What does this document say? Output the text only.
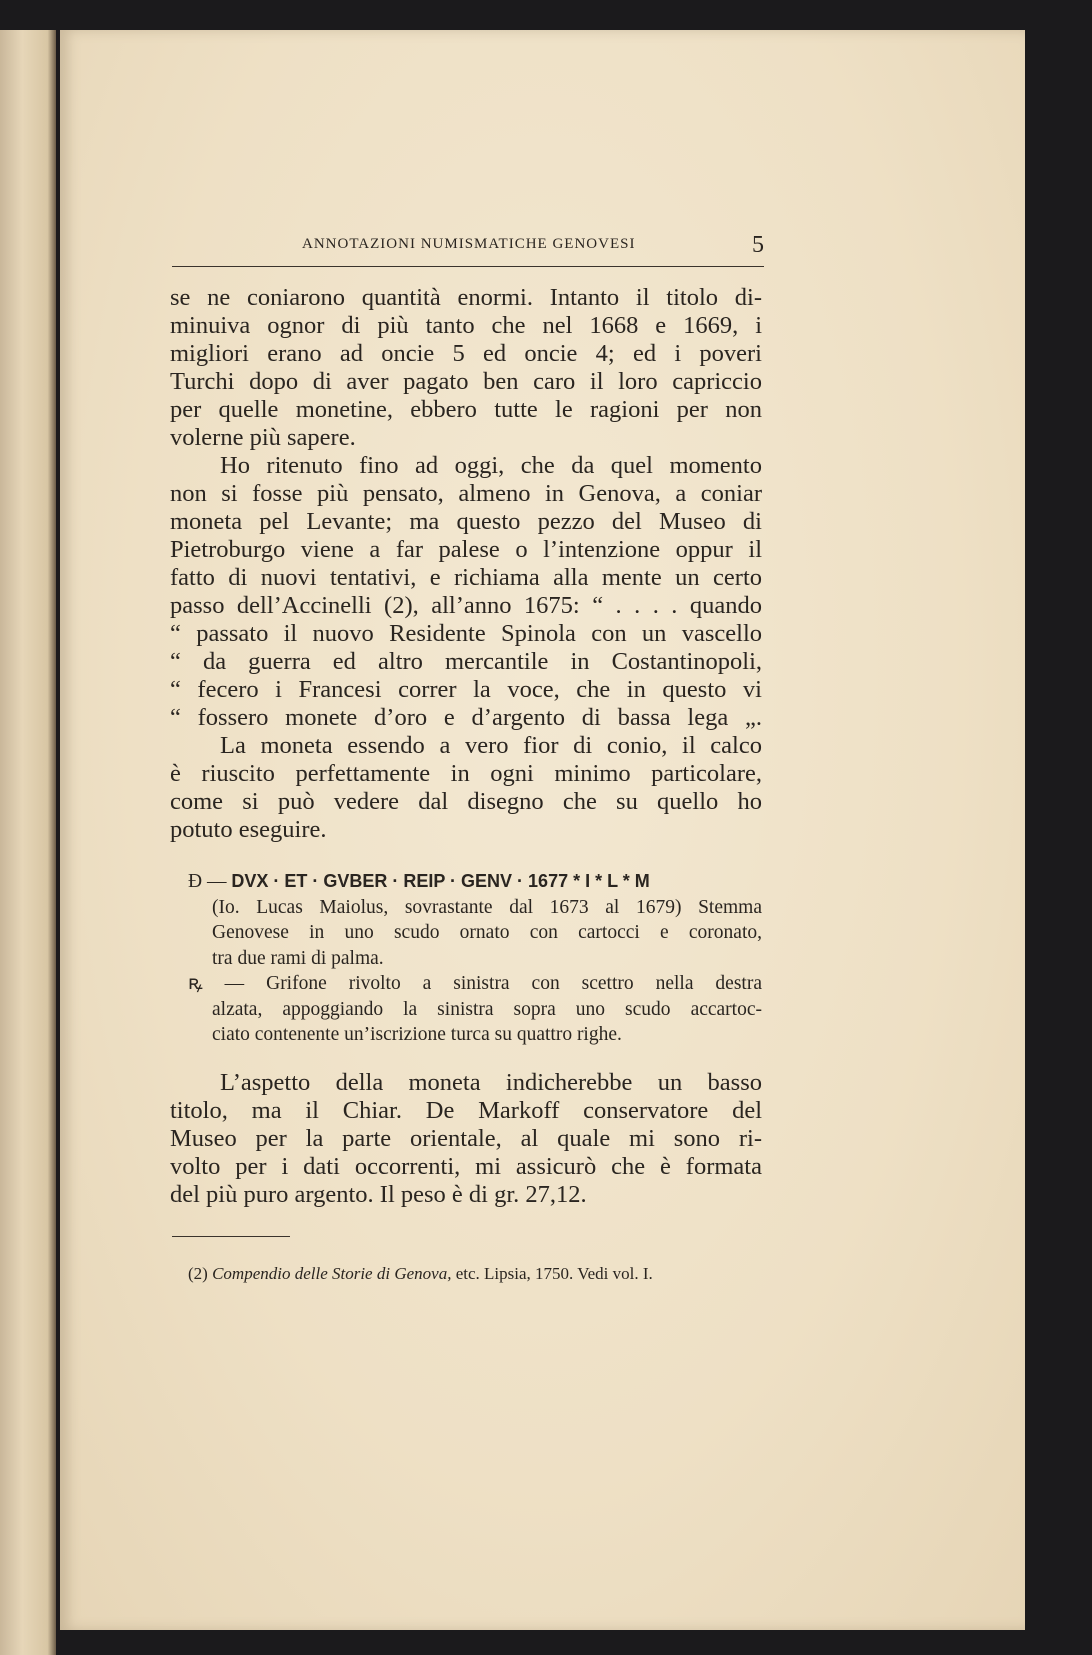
ANNOTAZIONI NUMISMATICHE GENOVESI	5
se ne coniarono quantità enormi. Intanto il titolo di-
minuiva ognor di più tanto che nel 1668 e 1669, i
migliori erano ad oncie 5 ed oncie 4; ed i poveri
Turchi dopo di aver pagato ben caro il loro capriccio
per quelle monetine, ebbero tutte le ragioni per non
volerne più sapere.
Ho ritenuto fino ad oggi, che da quel momento
non si fosse più pensato, almeno in Genova, a coniar
moneta pel Levante; ma questo pezzo del Museo di
Pietroburgo viene a far palese o l’intenzione oppur il
fatto di nuovi tentativi, e richiama alla mente un certo
passo dell’Accinelli (2), all’anno 1675: “ . . . . quando
“ passato il nuovo Residente Spinola con un vascello
“ da guerra ed altro mercantile in Costantinopoli,
“ fecero i Francesi correr la voce, che in questo vi
“ fossero monete d’oro e d’argento di bassa lega „.
La moneta essendo a vero fior di conio, il calco
è riuscito perfettamente in ogni minimo particolare,
come si può vedere dal disegno che su quello ho
potuto eseguire.
Ɖ — DVX · ET · GVBER · REIP · GENV · 1677 * I * L * M
(Io. Lucas Maiolus, sovrastante dal 1673 al 1679) Stemma
Genovese in uno scudo ornato con cartocci e coronato,
tra due rami di palma.
ꝶ — Grifone rivolto a sinistra con scettro nella destra
alzata, appoggiando la sinistra sopra uno scudo accartoc-
ciato contenente un’iscrizione turca su quattro righe.
L’aspetto della moneta indicherebbe un basso
titolo, ma il Chiar. De Markoff conservatore del
Museo per la parte orientale, al quale mi sono ri-
volto per i dati occorrenti, mi assicurò che è formata
del più puro argento. Il peso è di gr. 27,12.
(2) Compendio delle Storie di Genova, etc. Lipsia, 1750. Vedi vol. I.
